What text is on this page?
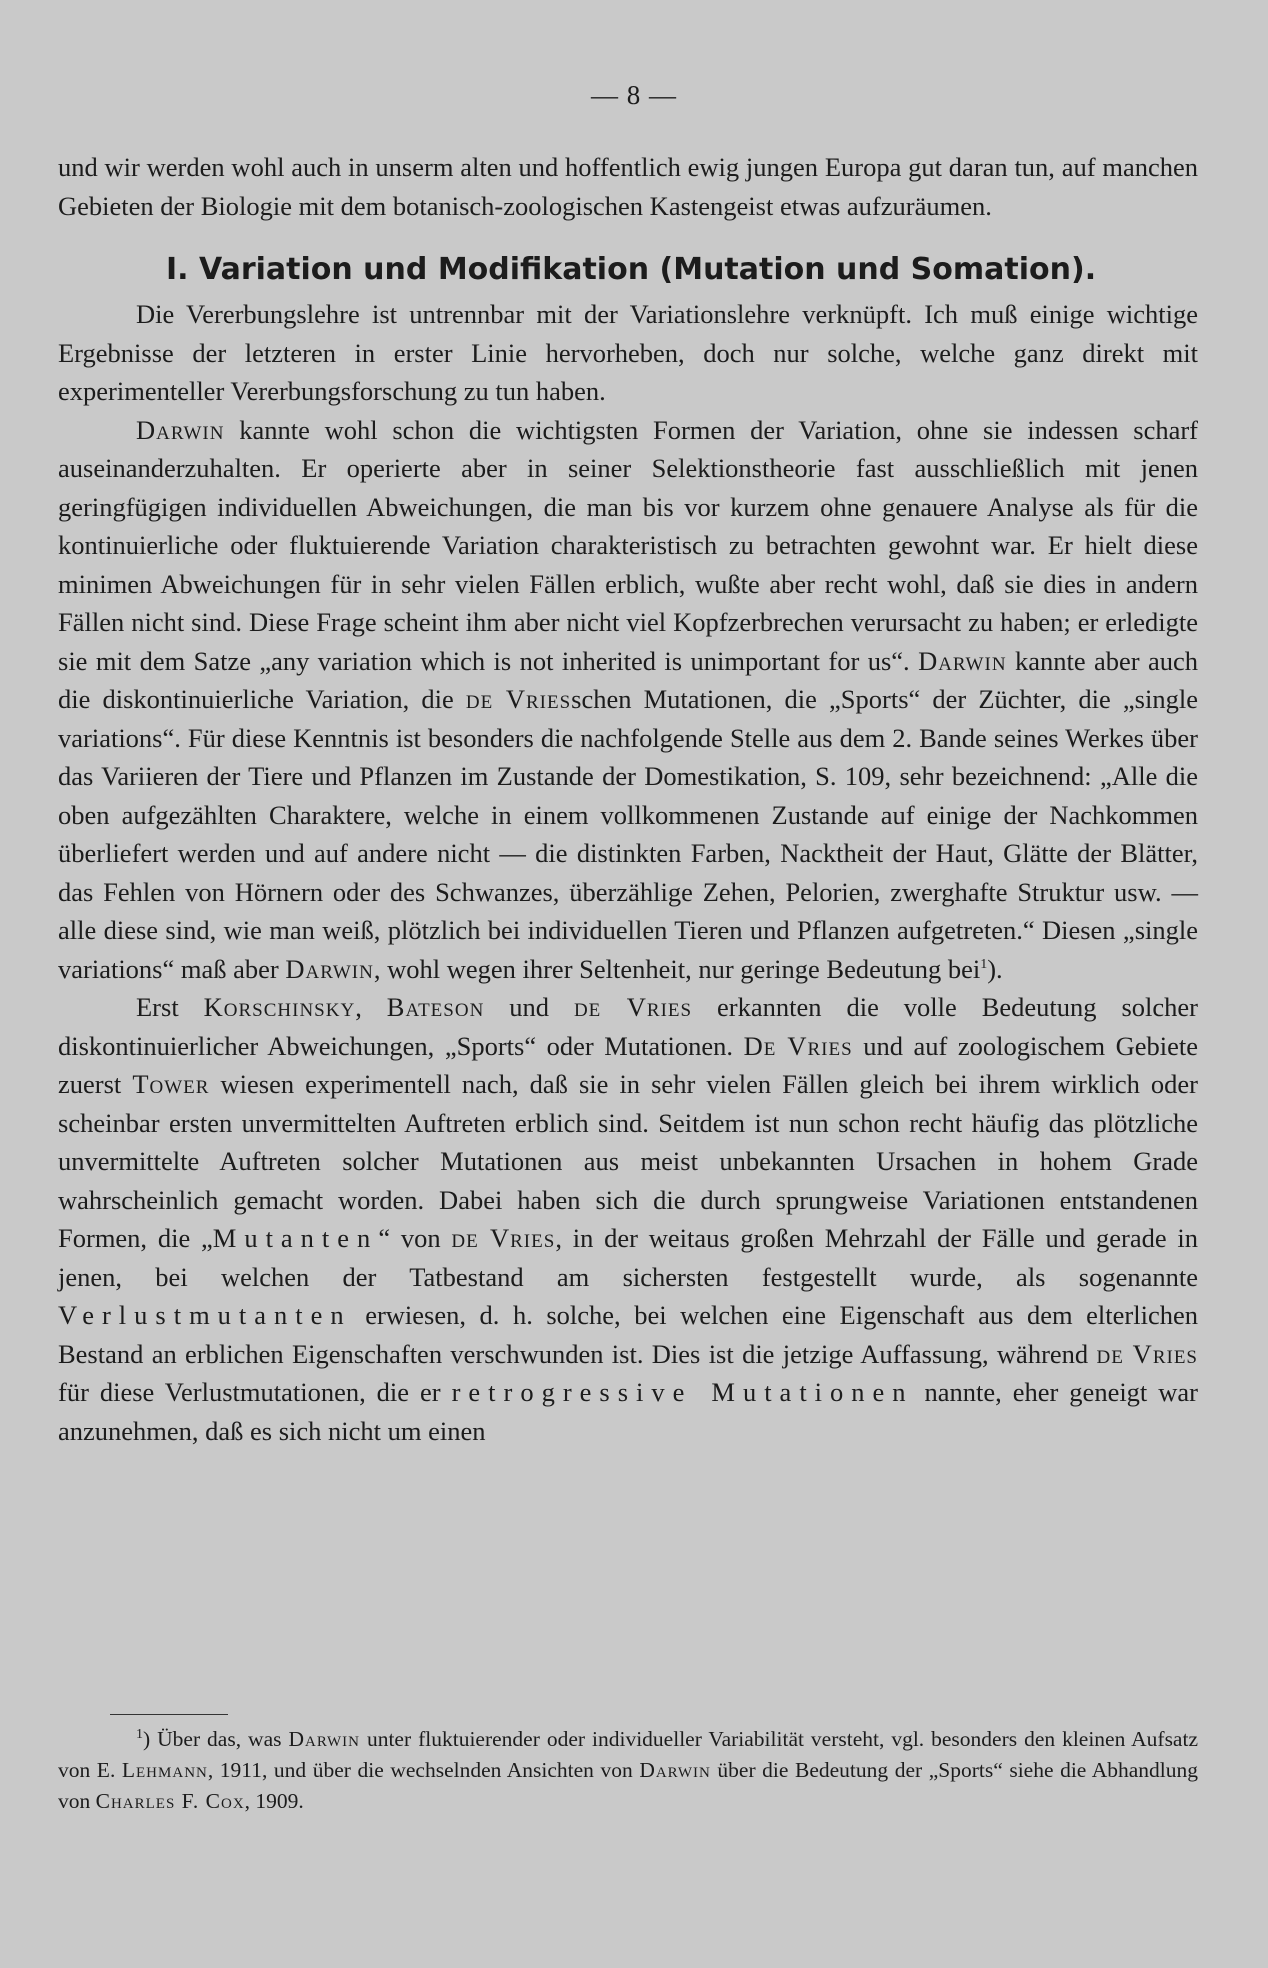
— 8 —

und wir werden wohl auch in unserm alten und hoffentlich ewig jungen Europa gut daran tun, auf manchen Gebieten der Biologie mit dem botanisch-zoologischen Kastengeist etwas aufzuräumen.

I. Variation und Modifikation (Mutation und Somation).

Die Vererbungslehre ist untrennbar mit der Variationslehre verknüpft. Ich muß einige wichtige Ergebnisse der letzteren in erster Linie hervorheben, doch nur solche, welche ganz direkt mit experimenteller Vererbungsforschung zu tun haben.

Darwin kannte wohl schon die wichtigsten Formen der Variation, ohne sie indessen scharf auseinanderzuhalten. Er operierte aber in seiner Selektionstheorie fast ausschließlich mit jenen geringfügigen individuellen Abweichungen, die man bis vor kurzem ohne genauere Analyse als für die kontinuierliche oder fluktuierende Variation charakteristisch zu betrachten gewohnt war. Er hielt diese minimen Abweichungen für in sehr vielen Fällen erblich, wußte aber recht wohl, daß sie dies in andern Fällen nicht sind. Diese Frage scheint ihm aber nicht viel Kopfzerbrechen verursacht zu haben; er erledigte sie mit dem Satze „any variation which is not inherited is unimportant for us“. Darwin kannte aber auch die diskontinuierliche Variation, die de Vriesschen Mutationen, die „Sports“ der Züchter, die „single variations“. Für diese Kenntnis ist besonders die nachfolgende Stelle aus dem 2. Bande seines Werkes über das Variieren der Tiere und Pflanzen im Zustande der Domestikation, S. 109, sehr bezeichnend: „Alle die oben aufgezählten Charaktere, welche in einem vollkommenen Zustande auf einige der Nachkommen überliefert werden und auf andere nicht — die distinkten Farben, Nacktheit der Haut, Glätte der Blätter, das Fehlen von Hörnern oder des Schwanzes, überzählige Zehen, Pelorien, zwerghafte Struktur usw. — alle diese sind, wie man weiß, plötzlich bei individuellen Tieren und Pflanzen aufgetreten.“ Diesen „single variations“ maß aber Darwin, wohl wegen ihrer Seltenheit, nur geringe Bedeutung bei$^1$).

Erst Korschinsky, Bateson und de Vries erkannten die volle Bedeutung solcher diskontinuierlicher Abweichungen, „Sports“ oder Mutationen. De Vries und auf zoologischem Gebiete zuerst Tower wiesen experimentell nach, daß sie in sehr vielen Fällen gleich bei ihrem wirklich oder scheinbar ersten unvermittelten Auftreten erblich sind. Seitdem ist nun schon recht häufig das plötzliche unvermittelte Auftreten solcher Mutationen aus meist unbekannten Ursachen in hohem Grade wahrscheinlich gemacht worden. Dabei haben sich die durch sprungweise Variationen entstandenen Formen, die „Mutanten“ von de Vries, in der weitaus großen Mehrzahl der Fälle und gerade in jenen, bei welchen der Tatbestand am sichersten festgestellt wurde, als sogenannte Verlustmutanten erwiesen, d. h. solche, bei welchen eine Eigenschaft aus dem elterlichen Bestand an erblichen Eigenschaften verschwunden ist. Dies ist die jetzige Auffassung, während de Vries für diese Verlustmutationen, die er retrogressive Mutationen nannte, eher geneigt war anzunehmen, daß es sich nicht um einen

$^1$) Über das, was Darwin unter fluktuierender oder individueller Variabilität versteht, vgl. besonders den kleinen Aufsatz von E. Lehmann, 1911, und über die wechselnden Ansichten von Darwin über die Bedeutung der „Sports“ siehe die Abhandlung von Charles F. Cox, 1909.
